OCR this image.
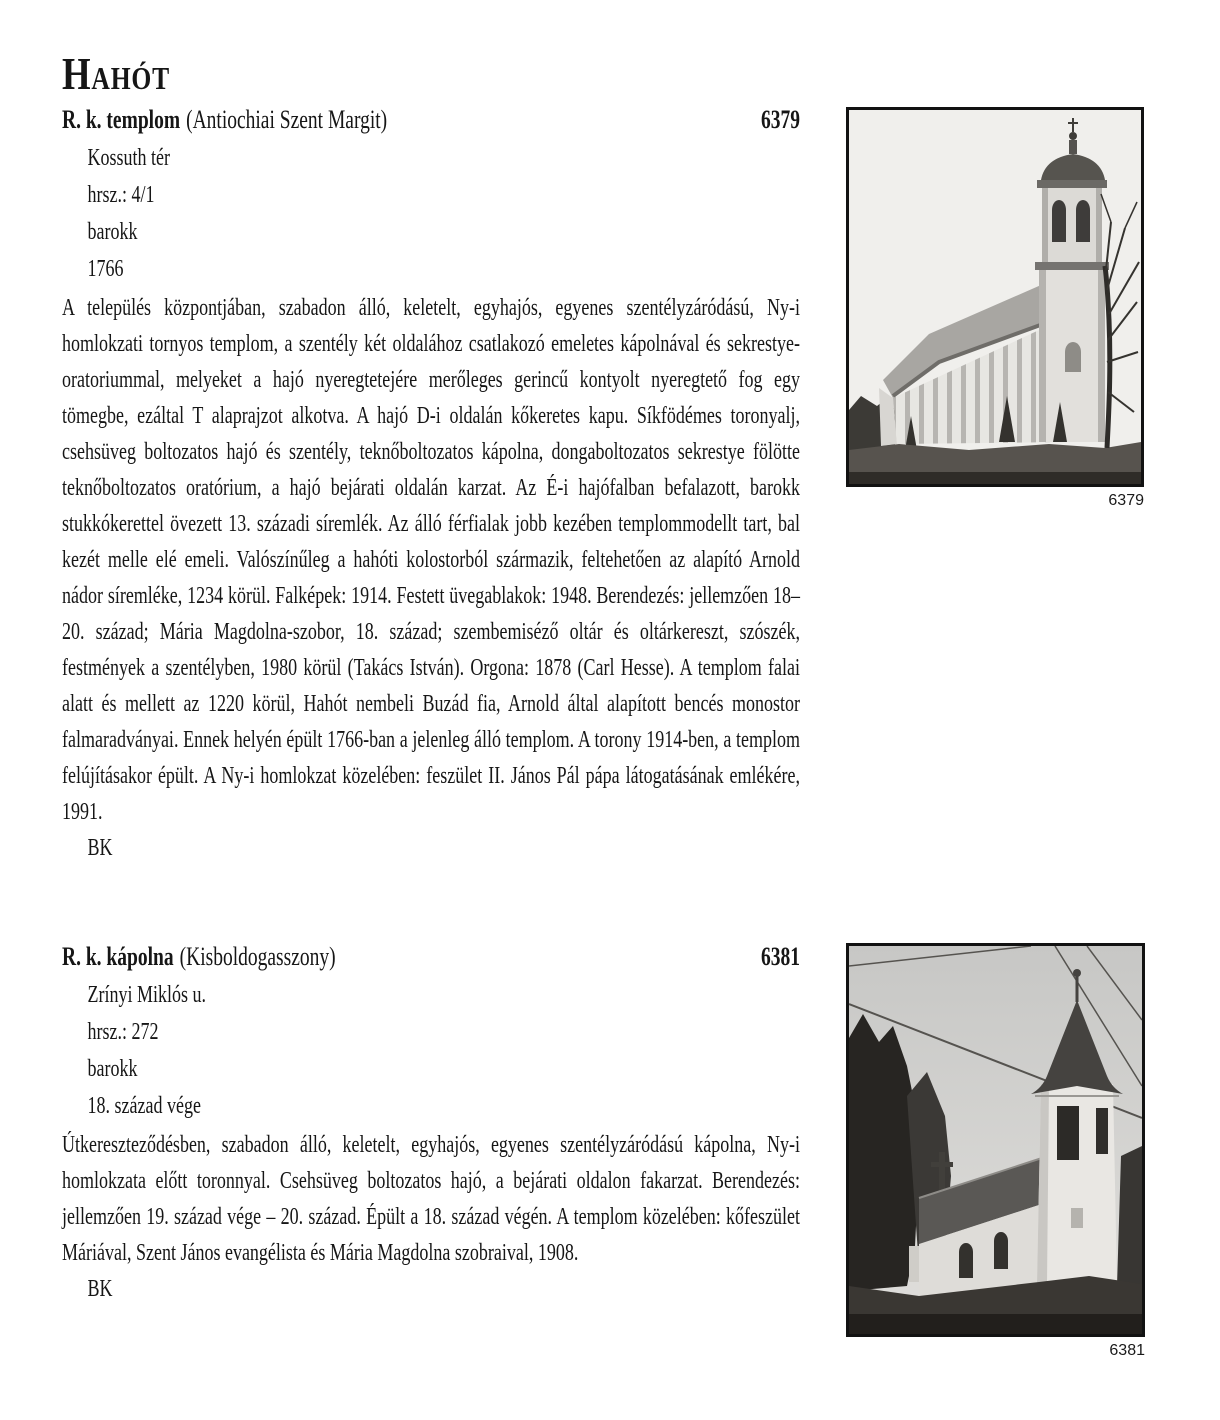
Hahót
R. k. templom (Antiochiai Szent Margit)	6379
Kossuth tér
hrsz.: 4/1
barokk
1766

A település központjában, szabadon álló, keletelt, egyhajós, egyenes szentélyzáródású, Ny-i homlokzati tornyos templom, a szentély két oldalához csatlakozó emeletes kápolnával és sekrestye-oratoriummal, melyeket a hajó nyeregtetejére merőleges gerincű kontyolt nyeregtető fog egy tömegbe, ezáltal T alaprajzot alkotva. A hajó D-i oldalán kőkeretes kapu. Síkfödémes toronyalj, csehsüveg boltozatos hajó és szentély, teknőboltozatos kápolna, dongaboltozatos sekrestye fölötte teknőboltozatos oratórium, a hajó bejárati oldalán karzat. Az É-i hajófalban befalazott, barokk stukkókerettel övezett 13. századi síremlék. Az álló férfialak jobb kezében templommodellt tart, bal kezét melle elé emeli. Valószínűleg a hahóti kolostorból származik, feltehetően az alapító Arnold nádor síremléke, 1234 körül. Falképek: 1914. Festett üvegablakok: 1948. Berendezés: jellemzően 18–20. század; Mária Magdolna-szobor, 18. század; szembemiséző oltár és oltárkereszt, szószék, festmények a szentélyben, 1980 körül (Takács István). Orgona: 1878 (Carl Hesse). A templom falai alatt és mellett az 1220 körül, Hahót nembeli Buzád fia, Arnold által alapított bencés monostor falmaradványai. Ennek helyén épült 1766-ban a jelenleg álló templom. A torony 1914-ben, a templom felújításakor épült. A Ny-i homlokzat közelében: feszület II. János Pál pápa látogatásának emlékére, 1991.

BK
R. k. kápolna (Kisboldogasszony)	6381
Zrínyi Miklós u.
hrsz.: 272
barokk
18. század vége

Útkereszteződésben, szabadon álló, keletelt, egyhajós, egyenes szentélyzáródású kápolna, Ny-i homlokzata előtt toronnyal. Csehsüveg boltozatos hajó, a bejárati oldalon fakarzat. Berendezés: jellemzően 19. század vége – 20. század. Épült a 18. század végén. A templom közelében: kőfeszület Máriával, Szent János evangélista és Mária Magdolna szobraival, 1908.

BK
6379
6381
